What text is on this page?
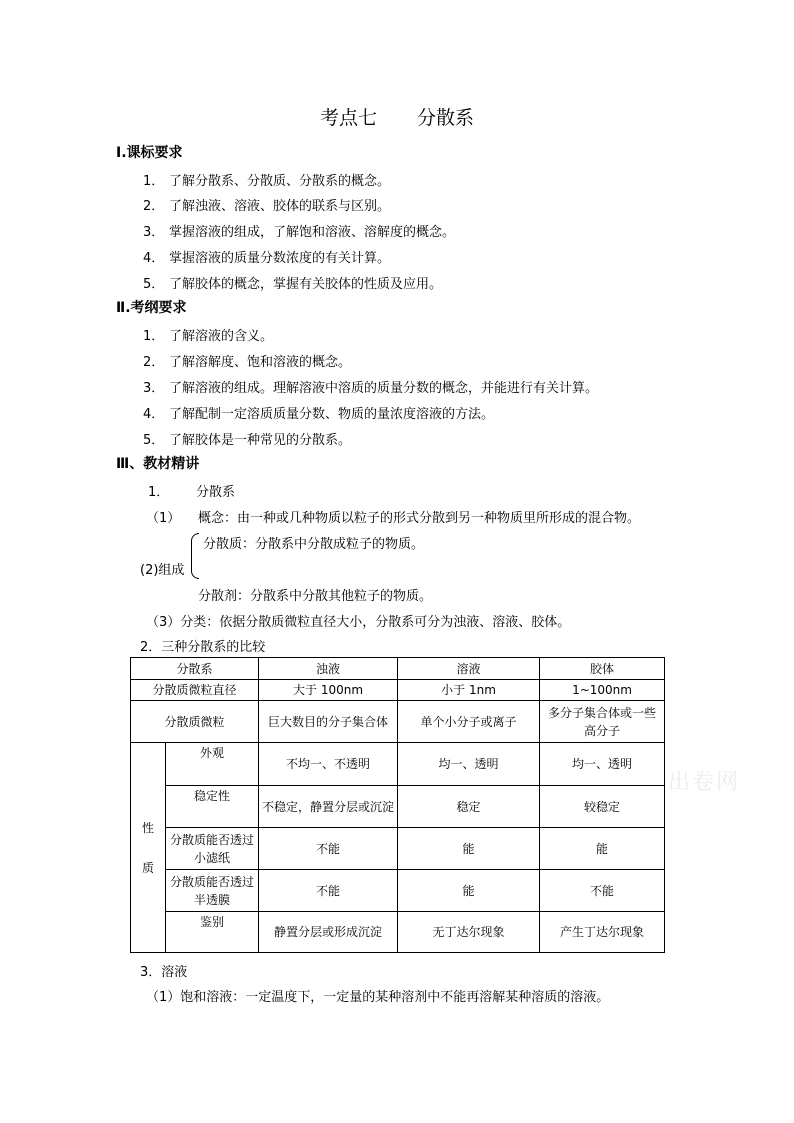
考点七 分散系
Ⅰ.课标要求
1． 了解分散系、分散质、分散系的概念。
2． 了解浊液、溶液、胶体的联系与区别。
3． 掌握溶液的组成，了解饱和溶液、溶解度的概念。
4． 掌握溶液的质量分数浓度的有关计算。
5． 了解胶体的概念，掌握有关胶体的性质及应用。
Ⅱ.考纲要求
1． 了解溶液的含义。
2． 了解溶解度、饱和溶液的概念。
3． 了解溶液的组成。理解溶液中溶质的质量分数的概念，并能进行有关计算。
4． 了解配制一定溶质质量分数、物质的量浓度溶液的方法。
5． 了解胶体是一种常见的分散系。
Ⅲ、教材精讲
1． 分散系
（1） 概念：由一种或几种物质以粒子的形式分散到另一种物质里所形成的混合物。
分散质：分散系中分散成粒子的物质。
(2)组成
分散剂：分散系中分散其他粒子的物质。
（3）分类：依据分散质微粒直径大小，分散系可分为浊液、溶液、胶体。
2．三种分散系的比较
分散系		浊液	溶液	胶体
分散质微粒直径		大于 100nm	小于 1nm	1~100nm
分散质微粒		巨大数目的分子集合体	单个小分子或离子	多分子集合体或一些高分子

性
质	外观	不均一、不透明	均一、透明	均一、透明
	稳定性	不稳定，静置分层或沉淀	稳定	较稳定
	分散质能否透过小滤纸	不能	能	能
	分散质能否透过半透膜	不能	能	不能
	鉴别	静置分层或形成沉淀	无丁达尔现象	产生丁达尔现象
出卷网
3．溶液
（1）饱和溶液：一定温度下，一定量的某种溶剂中不能再溶解某种溶质的溶液。
